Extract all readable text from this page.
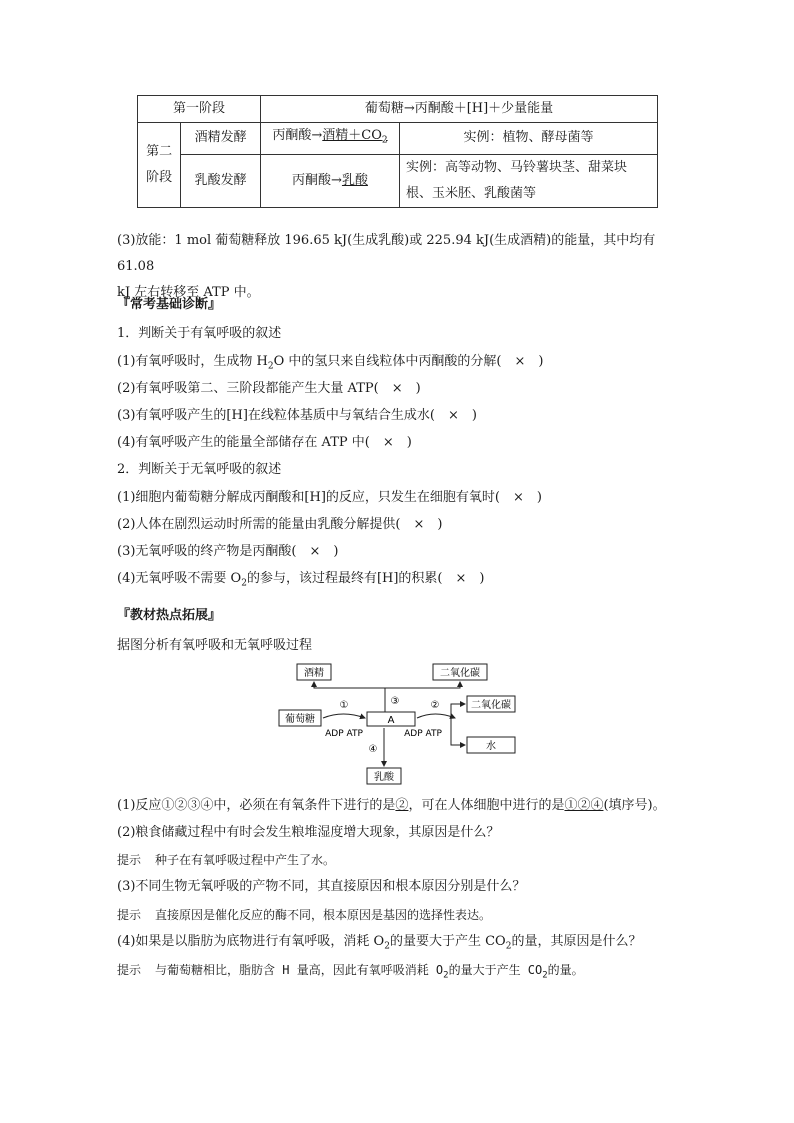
第一阶段		葡萄糖→丙酮酸＋[H]＋少量能量	
第二
阶段	酒精发酵	丙酮酸→酒精$+CO_2$	实例：植物、酵母菌等
	乳酸发酵	丙酮酸→乳酸	实例：高等动物、马铃薯块茎、甜菜块
根、玉米胚、乳酸菌等
(3)放能：1 mol 葡萄糖释放 196.65 kJ(生成乳酸)或 225.94 kJ(生成酒精)的能量，其中均有 61.08
kJ 左右转移至 ATP 中。
『常考基础诊断』
1．判断关于有氧呼吸的叙述
(1)有氧呼吸时，生成物 $H_2O$ 中的氢只来自线粒体中丙酮酸的分解(　×　)
(2)有氧呼吸第二、三阶段都能产生大量 ATP(　×　)
(3)有氧呼吸产生的[H]在线粒体基质中与氧结合生成水(　×　)
(4)有氧呼吸产生的能量全部储存在 ATP 中(　×　)
2．判断关于无氧呼吸的叙述
(1)细胞内葡萄糖分解成丙酮酸和[H]的反应，只发生在细胞有氧时(　×　)
(2)人体在剧烈运动时所需的能量由乳酸分解提供(　×　)
(3)无氧呼吸的终产物是丙酮酸(　×　)
(4)无氧呼吸不需要 $O_2$的参与，该过程最终有[H]的积累(　×　)
『教材热点拓展』
据图分析有氧呼吸和无氧呼吸过程
酒精	二氧化碳
葡萄糖	A
二氧化碳
水
乳酸
①
ADP ATP
②
ADP ATP
③
④
(1)反应①②③④中，必须在有氧条件下进行的是②，可在人体细胞中进行的是①②④(填序号)。
(2)粮食储藏过程中有时会发生粮堆湿度增大现象，其原因是什么？
提示 种子在有氧呼吸过程中产生了水。
(3)不同生物无氧呼吸的产物不同，其直接原因和根本原因分别是什么？
提示 直接原因是催化反应的酶不同，根本原因是基因的选择性表达。
(4)如果是以脂肪为底物进行有氧呼吸，消耗 $O_2$的量要大于产生 $CO_2$的量，其原因是什么？
提示 与葡萄糖相比，脂肪含 H 量高，因此有氧呼吸消耗 $O_2$的量大于产生 $CO_2$的量。
